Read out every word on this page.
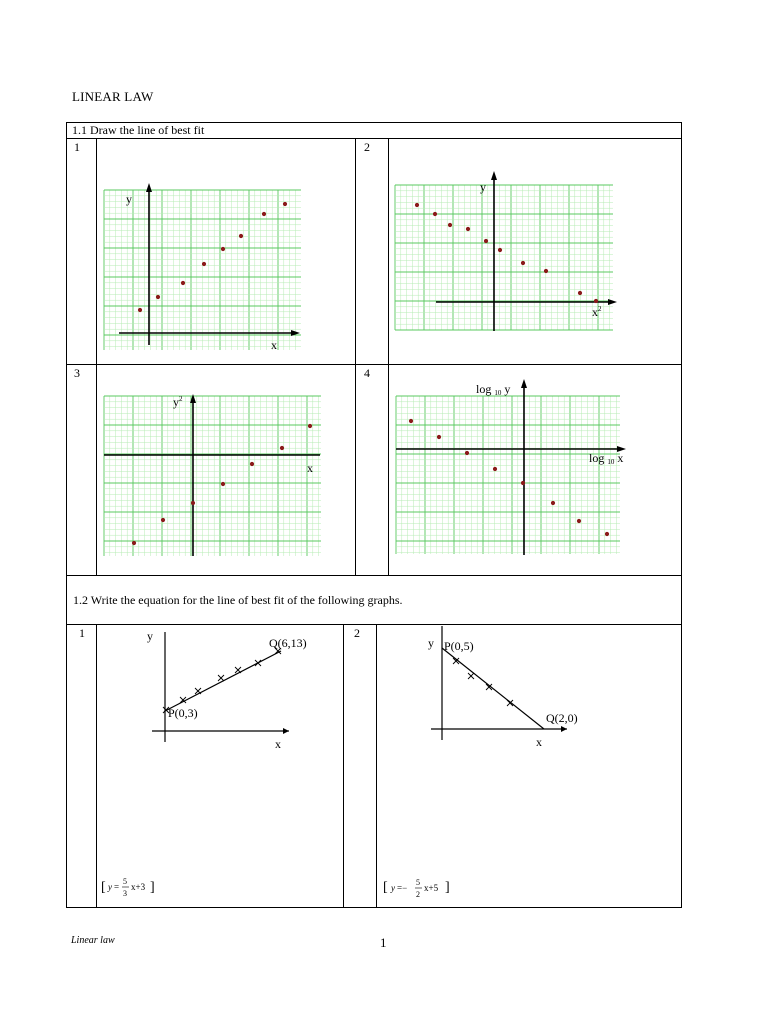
LINEAR LAW
1.1 Draw the line of best fit
1	2
3	4
y
x
y
$x^2$
$y^2$
x
log 10 y
log 10 x
1.2 Write the equation for the line of best fit of the following graphs.
1	2
y
x
P(0,3)
Q(6,13)	y
x
P(0,5)
Q(2,0)
[ y =
5
3
x+3 ]	[ y =−
5
2
x+5 ]
Linear law	1
